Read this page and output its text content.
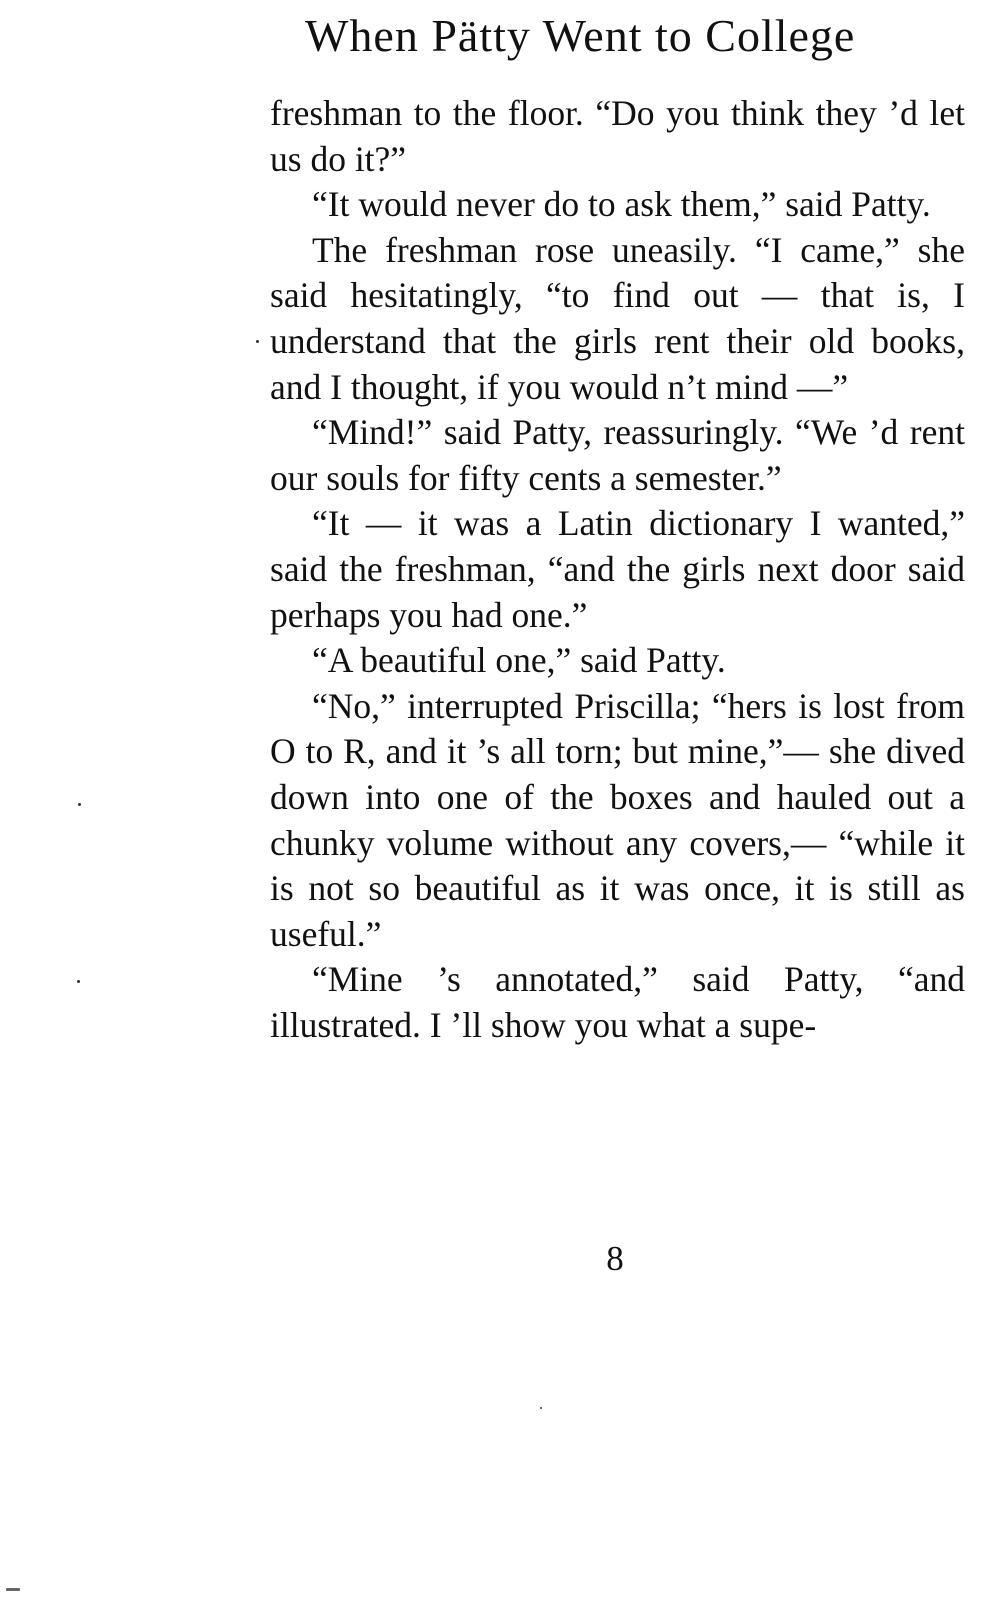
When Pätty Went to College

freshman to the floor. “Do you think they ’d let us do it?”

“It would never do to ask them,” said Patty.

The freshman rose uneasily. “I came,” she said hesitatingly, “to find out — that is, I understand that the girls rent their old books, and I thought, if you would n’t mind —”

“Mind!” said Patty, reassuringly. “We ’d rent our souls for fifty cents a semester.”

“It — it was a Latin dictionary I wanted,” said the freshman, “and the girls next door said perhaps you had one.”

“A beautiful one,” said Patty.

“No,” interrupted Priscilla; “hers is lost from O to R, and it ’s all torn; but mine,”— she dived down into one of the boxes and hauled out a chunky volume without any covers,— “while it is not so beautiful as it was once, it is still as useful.”

“Mine ’s annotated,” said Patty, “and illustrated. I ’ll show you what a supe-

8
